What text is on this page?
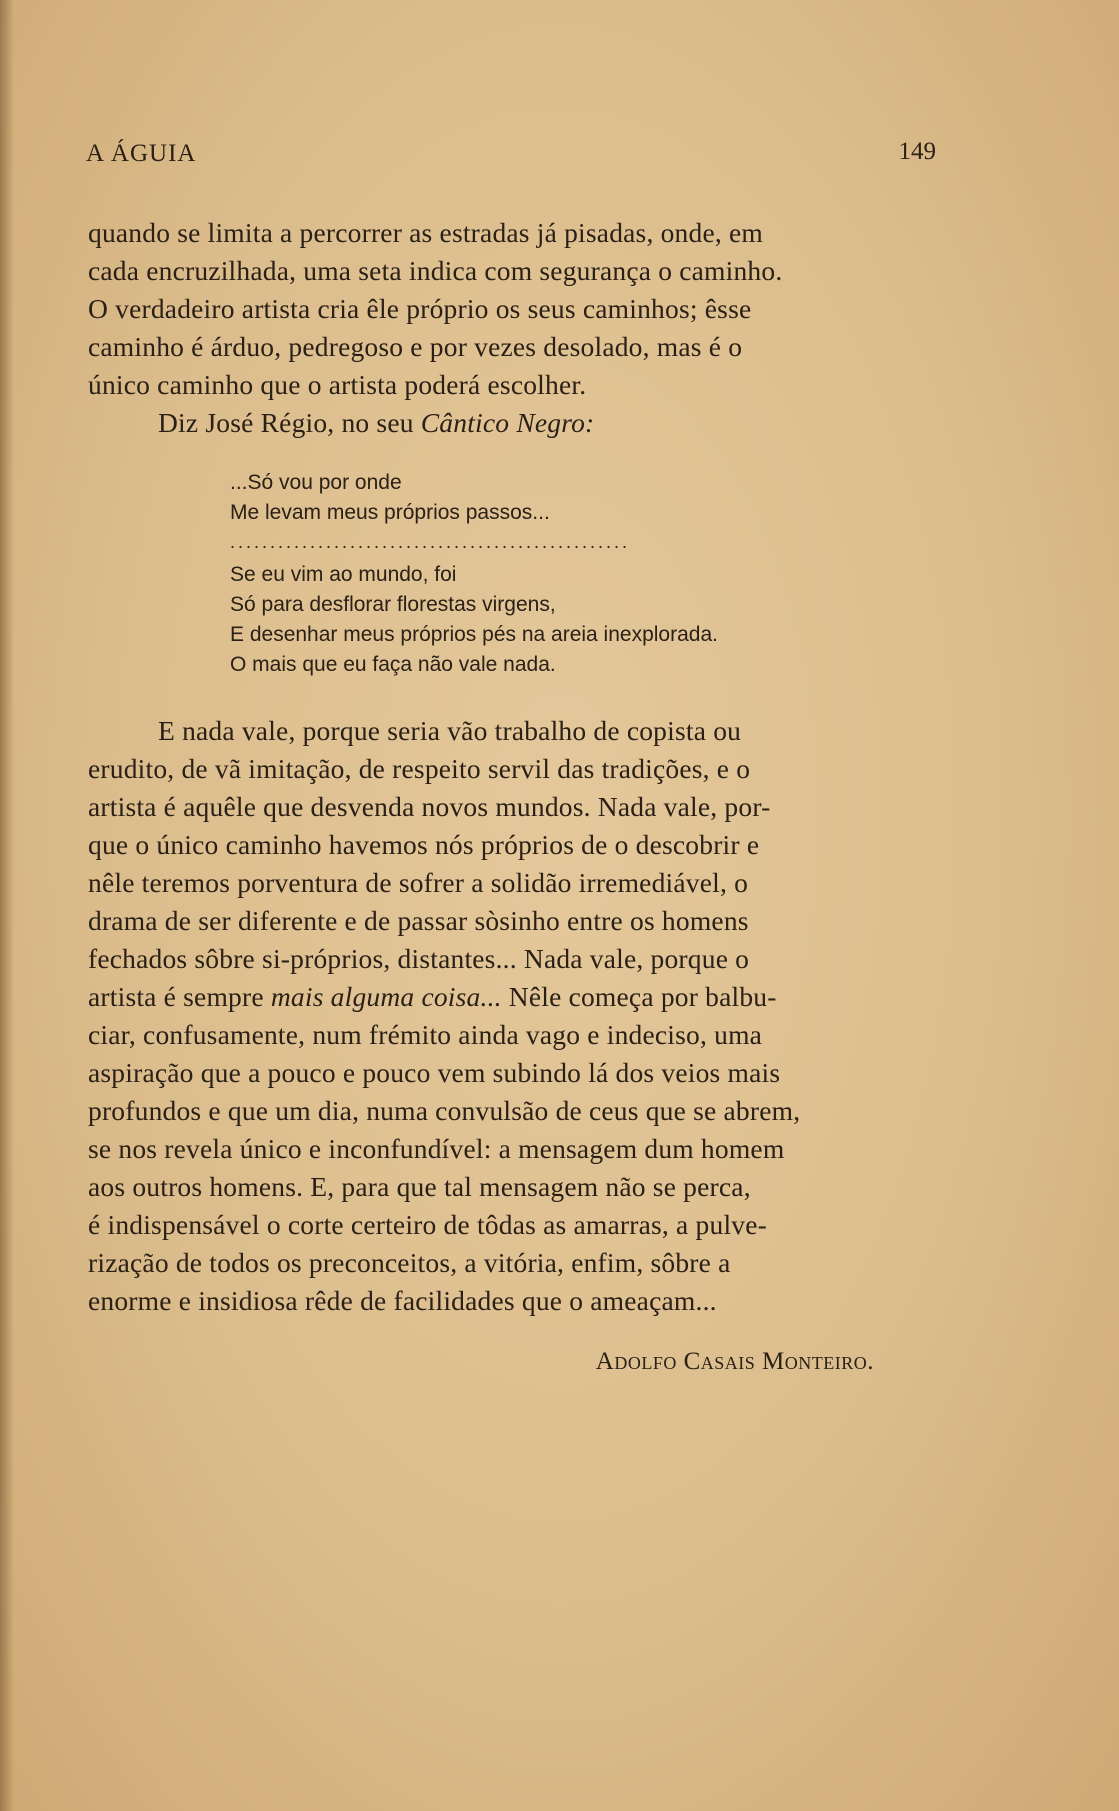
A ÁGUIA	149
quando se limita a percorrer as estradas já pisadas, onde, em
cada encruzilhada, uma seta indica com segurança o caminho.
O verdadeiro artista cria êle próprio os seus caminhos; êsse
caminho é árduo, pedregoso e por vezes desolado, mas é o
único caminho que o artista poderá escolher.
Diz José Régio, no seu Cântico Negro:
...Só vou por onde
Me levam meus próprios passos...
..................................................
Se eu vim ao mundo, foi
Só para desflorar florestas virgens,
E desenhar meus próprios pés na areia inexplorada.
O mais que eu faça não vale nada.
E nada vale, porque seria vão trabalho de copista ou
erudito, de vã imitação, de respeito servil das tradições, e o
artista é aquêle que desvenda novos mundos. Nada vale, por-
que o único caminho havemos nós próprios de o descobrir e
nêle teremos porventura de sofrer a solidão irremediável, o
drama de ser diferente e de passar sòsinho entre os homens
fechados sôbre si-próprios, distantes... Nada vale, porque o
artista é sempre mais alguma coisa... Nêle começa por balbu-
ciar, confusamente, num frémito ainda vago e indeciso, uma
aspiração que a pouco e pouco vem subindo lá dos veios mais
profundos e que um dia, numa convulsão de ceus que se abrem,
se nos revela único e inconfundível: a mensagem dum homem
aos outros homens. E, para que tal mensagem não se perca,
é indispensável o corte certeiro de tôdas as amarras, a pulve-
rização de todos os preconceitos, a vitória, enfim, sôbre a
enorme e insidiosa rêde de facilidades que o ameaçam...
Adolfo Casais Monteiro.
